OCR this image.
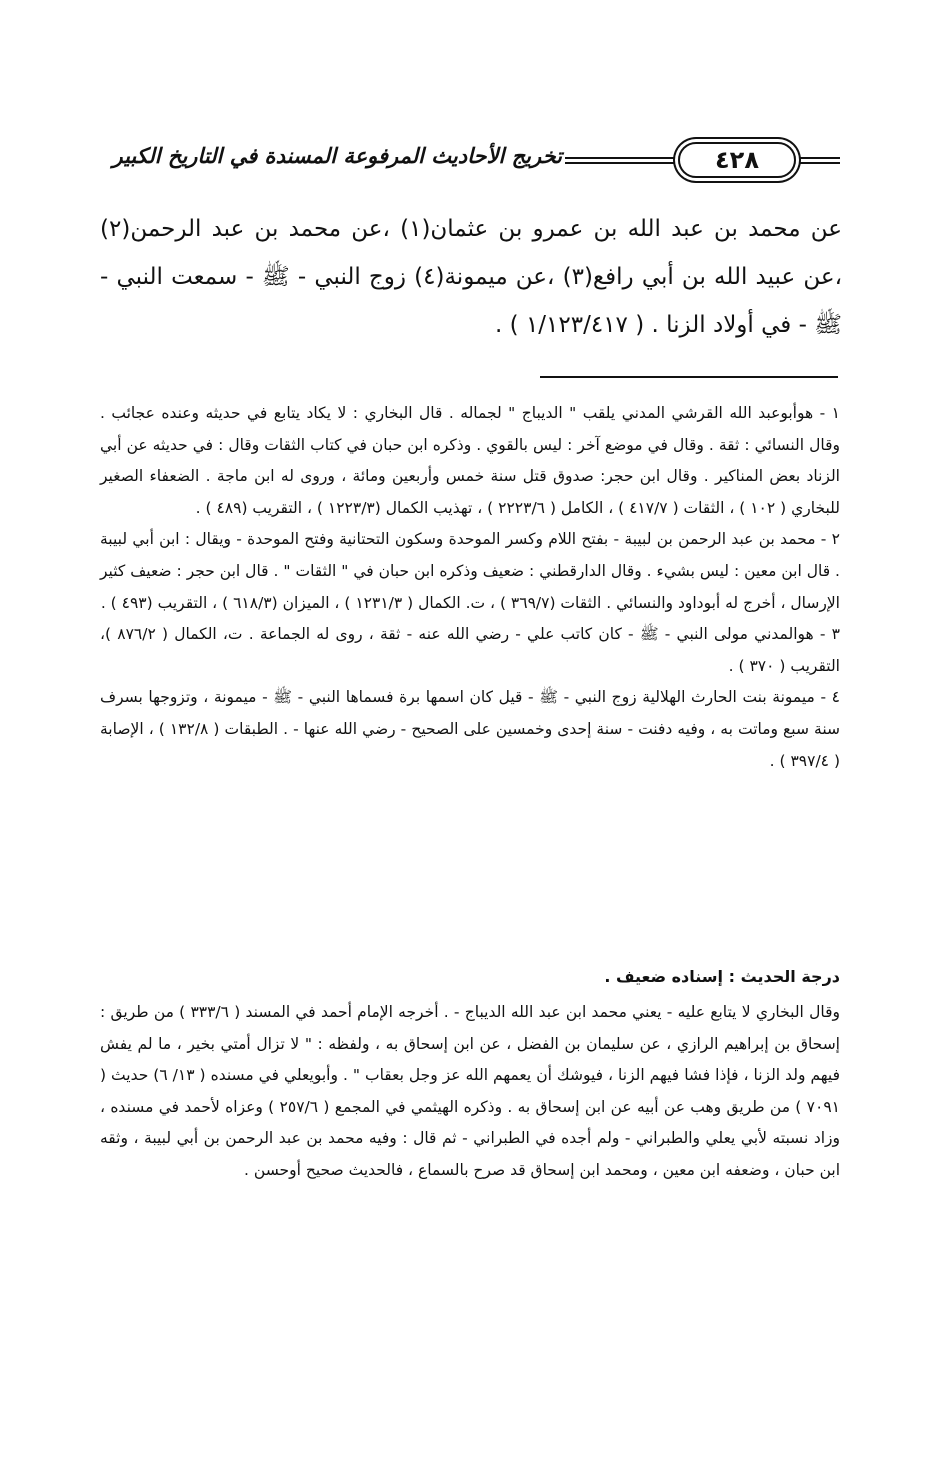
٤٢٨
تخريج الأحاديث المرفوعة المسندة في التاريخ الكبير

عن محمد بن عبد الله بن عمرو بن عثمان(١) ،عن محمد بن عبد الرحمن(٢) ،عن عبيد الله بن أبي رافع(٣) ،عن ميمونة(٤) زوج النبي - ﷺ - سمعت النبي - ﷺ - في أولاد الزنا . ( ١/١٢٣/٤١٧ ) .

١ - هوأبوعبد الله القرشي المدني يلقب " الديباج " لجماله . قال البخاري : لا يكاد يتابع في حديثه وعنده عجائب . وقال النسائي : ثقة . وقال في موضع آخر : ليس بالقوي . وذكره ابن حبان في كتاب الثقات وقال : في حديثه عن أبي الزناد بعض المناكير . وقال ابن حجر: صدوق قتل سنة خمس وأربعين ومائة ، وروى له ابن ماجة . الضعفاء الصغير للبخاري ( ١٠٢ ) ، الثقات ( ٤١٧/٧ ) ، الكامل ( ٢٢٢٣/٦ ) ، تهذيب الكمال (١٢٢٣/٣ ) ، التقريب (٤٨٩ ) .

٢ - محمد بن عبد الرحمن بن لبيبة - بفتح اللام وكسر الموحدة وسكون التحتانية وفتح الموحدة - ويقال : ابن أبي لبيبة . قال ابن معين : ليس بشيء . وقال الدارقطني : ضعيف وذكره ابن حبان في " الثقات " . قال ابن حجر : ضعيف كثير الإرسال ، أخرج له أبوداود والنسائي . الثقات (٣٦٩/٧ ) ، ت. الكمال ( ١٢٣١/٣ ) ، الميزان (٦١٨/٣ ) ، التقريب (٤٩٣ ) .

٣ - هوالمدني مولى النبي - ﷺ - كان كاتب علي - رضي الله عنه - ثقة ، روى له الجماعة . ت، الكمال ( ٨٧٦/٢ )، التقريب ( ٣٧٠ ) .

٤ - ميمونة بنت الحارث الهلالية زوج النبي - ﷺ - قيل كان اسمها برة فسماها النبي - ﷺ - ميمونة ، وتزوجها بسرف سنة سبع وماتت به ، وفيه دفنت - سنة إحدى وخمسين على الصحيح - رضي الله عنها - . الطبقات ( ١٣٢/٨ ) ، الإصابة ( ٣٩٧/٤ ) .

درجة الحديث : إسناده ضعيف .

وقال البخاري لا يتابع عليه - يعني محمد ابن عبد الله الديباج - . أخرجه الإمام أحمد في المسند ( ٣٣٣/٦ ) من طريق : إسحاق بن إبراهيم الرازي ، عن سليمان بن الفضل ، عن ابن إسحاق به ، ولفظه : " لا تزال أمتي بخير ، ما لم يفش فيهم ولد الزنا ، فإذا فشا فيهم الزنا ، فيوشك أن يعمهم الله عز وجل بعقاب " . وأبويعلي في مسنده ( ١٣/ ٦) حديث ( ٧٠٩١ ) من طريق وهب عن أبيه عن ابن إسحاق به . وذكره الهيثمي في المجمع ( ٢٥٧/٦ ) وعزاه لأحمد في مسنده ، وزاد نسبته لأبي يعلي والطبراني - ولم أجده في الطبراني - ثم قال : وفيه محمد بن عبد الرحمن بن أبي لبيبة ، وثقه ابن حبان ، وضعفه ابن معين ، ومحمد ابن إسحاق قد صرح بالسماع ، فالحديث صحيح أوحسن .
